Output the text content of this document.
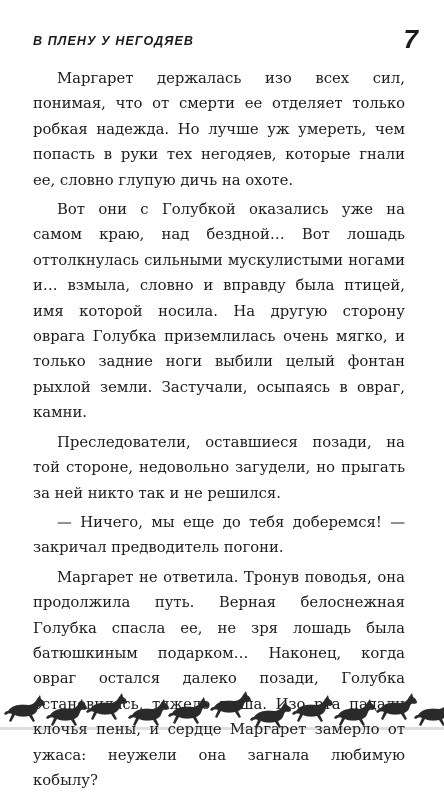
В ПЛЕНУ У НЕГОДЯЕВ	7

Маргарет держалась изо всех сил, понимая, что от смерти ее отделяет только робкая надежда. Но лучше уж умереть, чем попасть в руки тех негодяев, которые гнали ее, словно глупую дичь на охоте.

Вот они с Голубкой оказались уже на самом краю, над бездной… Вот лошадь оттолкнулась сильными мускулистыми ногами и… взмыла, словно и вправду была птицей, имя которой носила. На другую сторону оврага Голубка приземлилась очень мягко, и только задние ноги выбили целый фонтан рыхлой земли. Застучали, осыпаясь в овраг, камни.

Преследователи, оставшиеся позади, на той стороне, недовольно загудели, но прыгать за ней никто так и не решился.

— Ничего, мы еще до тебя доберемся! — закричал предводитель погони.

Маргарет не ответила. Тронув поводья, она продолжила путь. Верная белоснежная Голубка спасла ее, не зря лошадь была батюшкиным подарком… Наконец, когда овраг остался далеко позади, Голубка остановилась, тяжело Изо падали клочья пены, и сердце Маргарет замерло от ужаса: неужели она загнала любимую кобылу?
